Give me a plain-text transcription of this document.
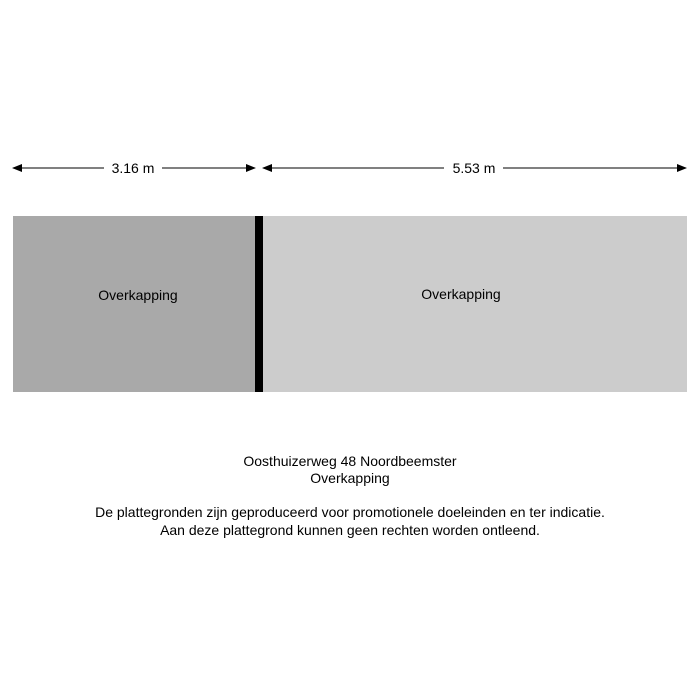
3.16 m	5.53 m
Overkapping	Overkapping
Oosthuizerweg 48 Noordbeemster
Overkapping
De plattegronden zijn geproduceerd voor promotionele doeleinden en ter indicatie.
Aan deze plattegrond kunnen geen rechten worden ontleend.
